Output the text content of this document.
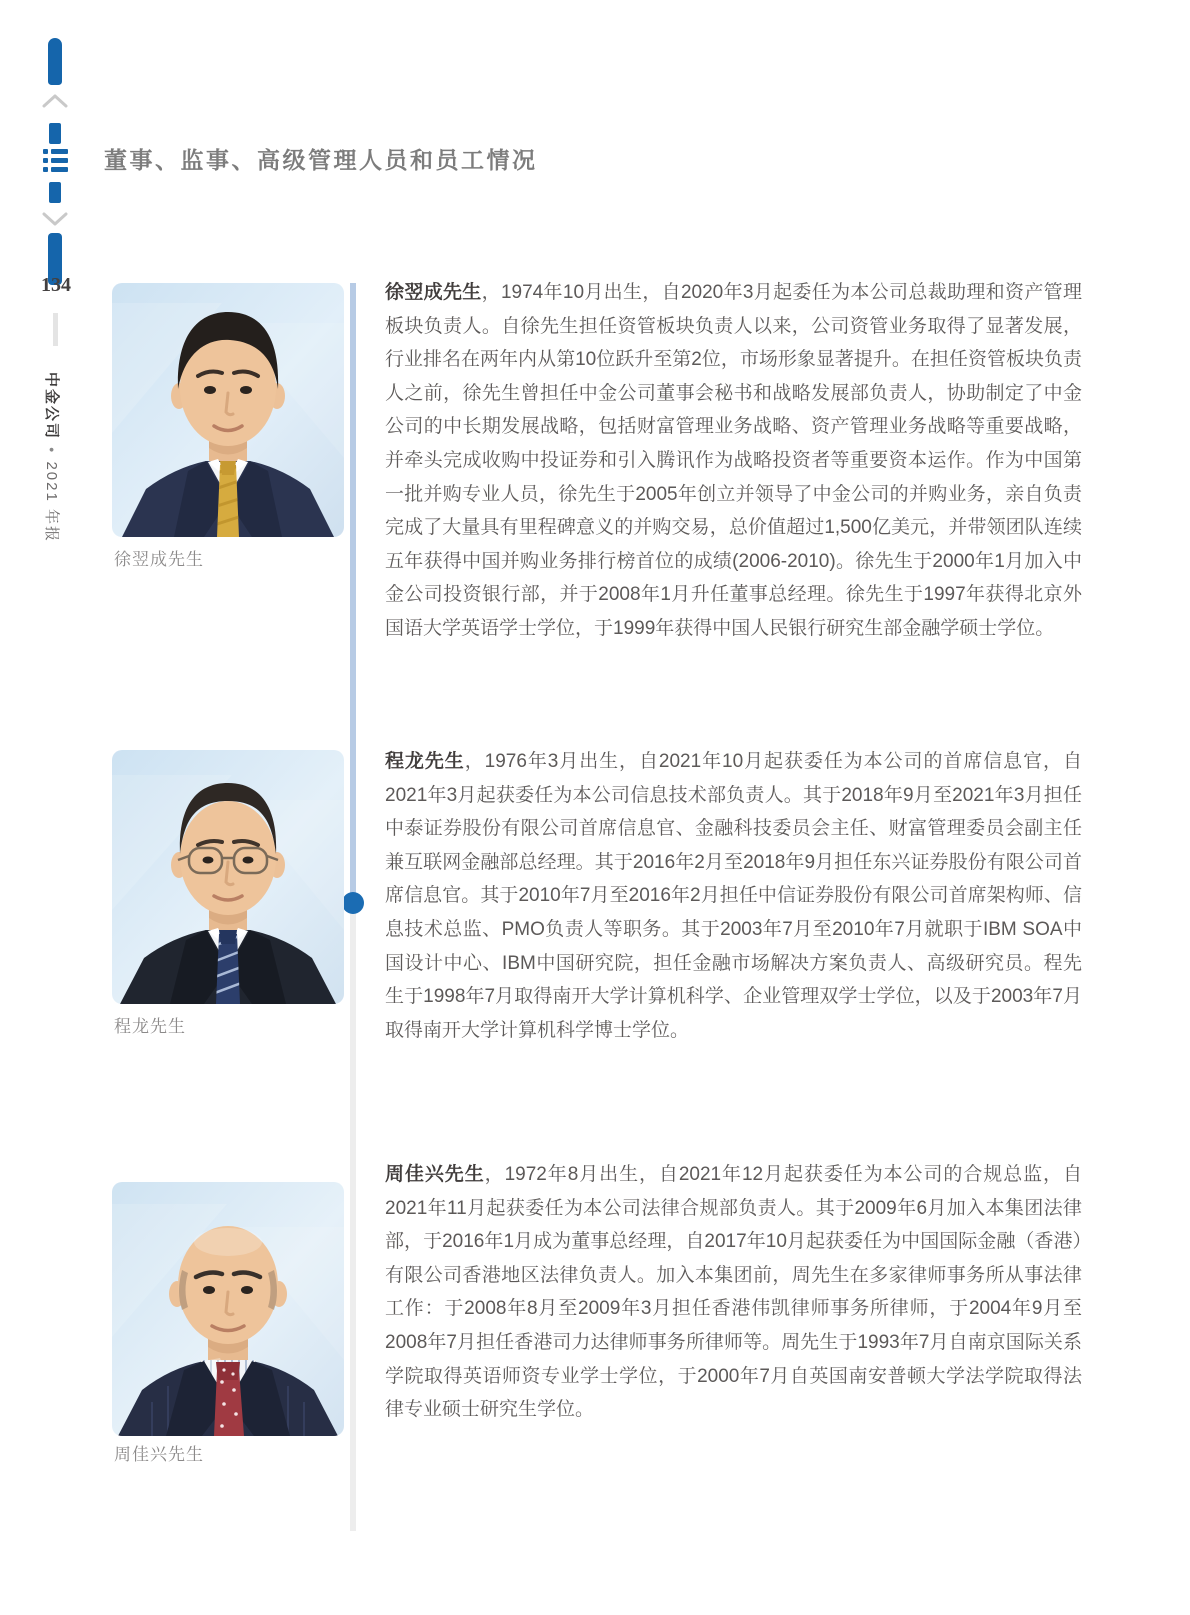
134
中金公司●2021 年报
董事、监事、高级管理人员和员工情况
徐翌成先生

徐翌成先生，1974年10月出生，自2020年3月起委任为本公司总裁助理和资产管理板块负责人。自徐先生担任资管板块负责人以来，公司资管业务取得了显著发展，行业排名在两年内从第10位跃升至第2位，市场形象显著提升。在担任资管板块负责人之前，徐先生曾担任中金公司董事会秘书和战略发展部负责人，协助制定了中金公司的中长期发展战略，包括财富管理业务战略、资产管理业务战略等重要战略，并牵头完成收购中投证券和引入腾讯作为战略投资者等重要资本运作。作为中国第一批并购专业人员，徐先生于2005年创立并领导了中金公司的并购业务，亲自负责完成了大量具有里程碑意义的并购交易，总价值超过1,500亿美元，并带领团队连续五年获得中国并购业务排行榜首位的成绩(2006-2010)。徐先生于2000年1月加入中金公司投资银行部，并于2008年1月升任董事总经理。徐先生于1997年获得北京外国语大学英语学士学位，于1999年获得中国人民银行研究生部金融学硕士学位。

程龙先生

程龙先生，1976年3月出生，自2021年10月起获委任为本公司的首席信息官，自2021年3月起获委任为本公司信息技术部负责人。其于2018年9月至2021年3月担任中泰证券股份有限公司首席信息官、金融科技委员会主任、财富管理委员会副主任兼互联网金融部总经理。其于2016年2月至2018年9月担任东兴证券股份有限公司首席信息官。其于2010年7月至2016年2月担任中信证券股份有限公司首席架构师、信息技术总监、PMO负责人等职务。其于2003年7月至2010年7月就职于IBM SOA中国设计中心、IBM中国研究院，担任金融市场解决方案负责人、高级研究员。程先生于1998年7月取得南开大学计算机科学、企业管理双学士学位，以及于2003年7月取得南开大学计算机科学博士学位。

周佳兴先生

周佳兴先生，1972年8月出生，自2021年12月起获委任为本公司的合规总监，自2021年11月起获委任为本公司法律合规部负责人。其于2009年6月加入本集团法律部，于2016年1月成为董事总经理，自2017年10月起获委任为中国国际金融（香港）有限公司香港地区法律负责人。加入本集团前，周先生在多家律师事务所从事法律工作：于2008年8月至2009年3月担任香港伟凯律师事务所律师，于2004年9月至2008年7月担任香港司力达律师事务所律师等。周先生于1993年7月自南京国际关系学院取得英语师资专业学士学位，于2000年7月自英国南安普顿大学法学院取得法律专业硕士研究生学位。
